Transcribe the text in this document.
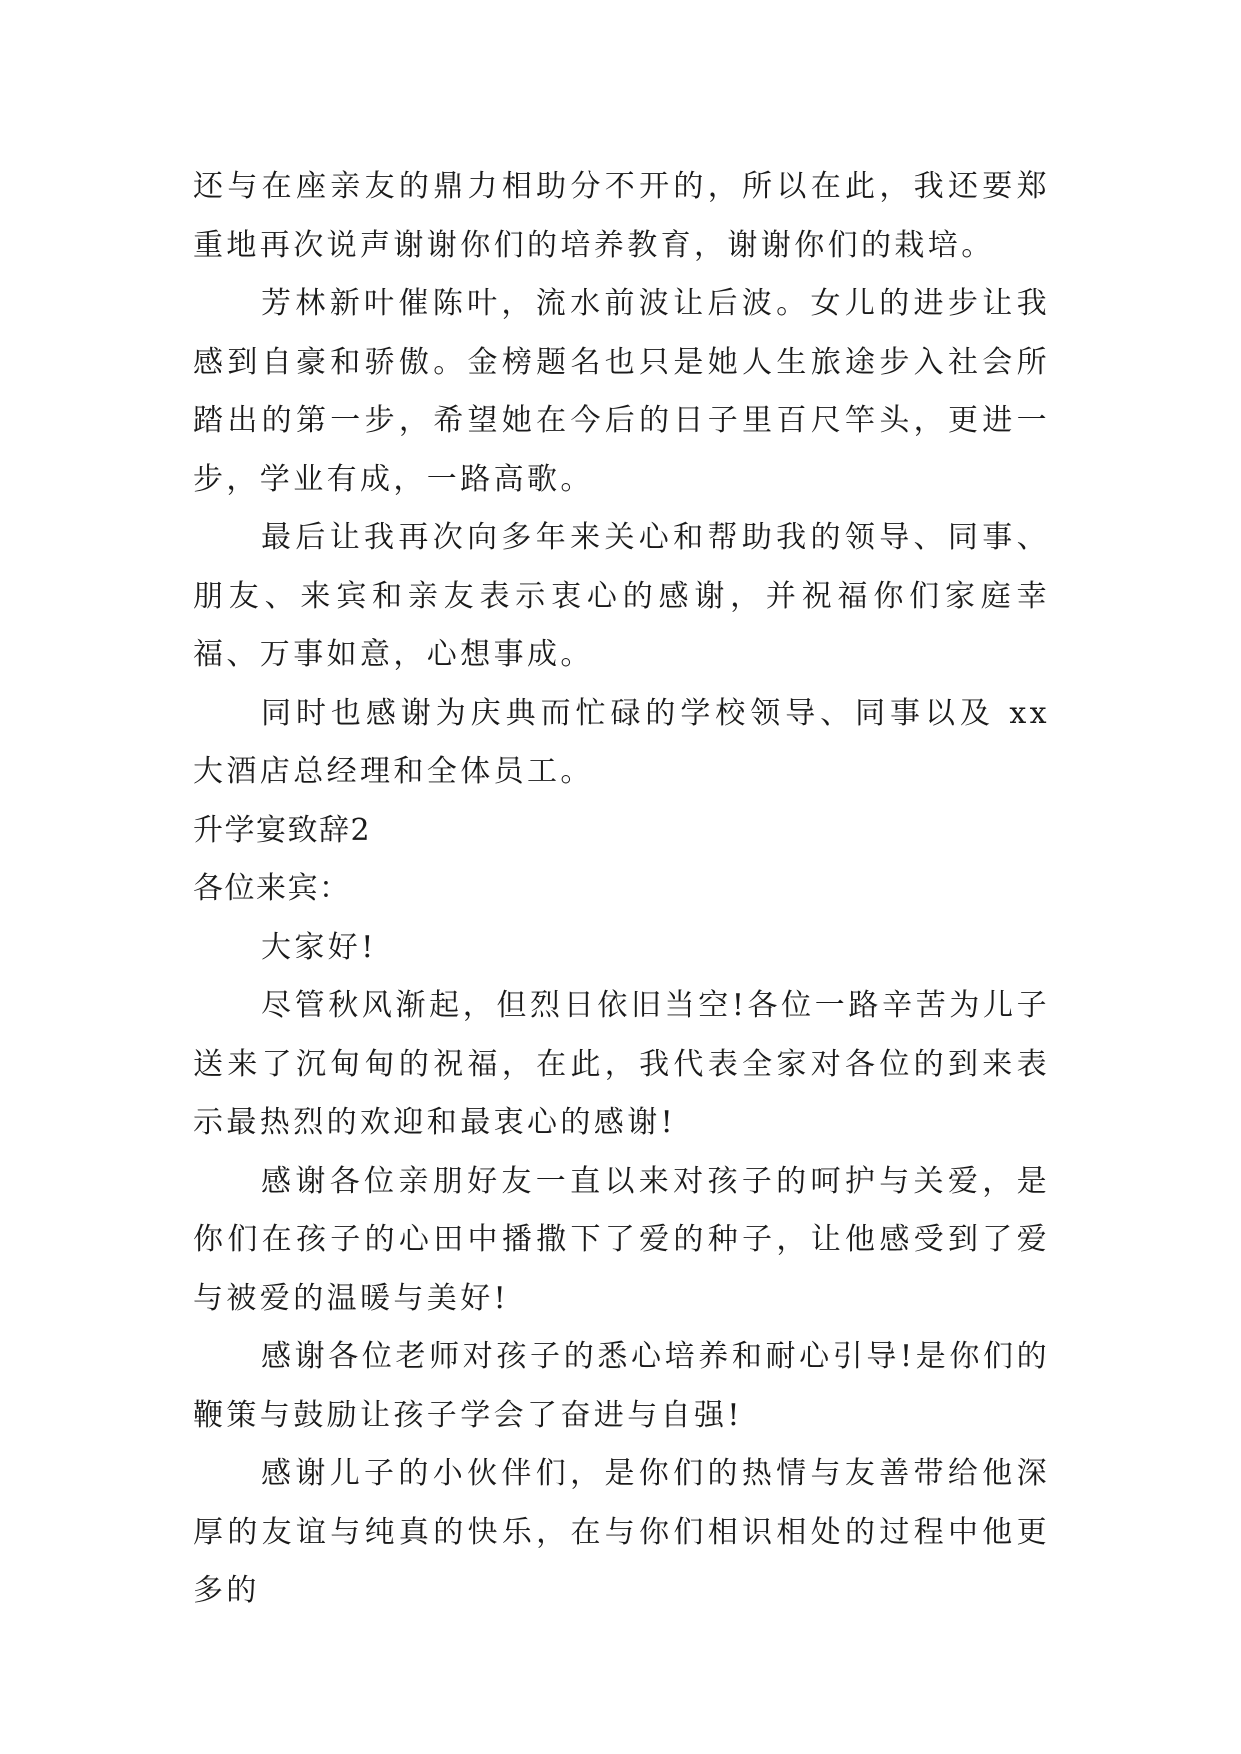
还与在座亲友的鼎力相助分不开的，所以在此，我还要郑重地再次说声谢谢你们的培养教育，谢谢你们的栽培。

芳林新叶催陈叶，流水前波让后波。女儿的进步让我感到自豪和骄傲。金榜题名也只是她人生旅途步入社会所踏出的第一步，希望她在今后的日子里百尺竿头，更进一步，学业有成，一路高歌。

最后让我再次向多年来关心和帮助我的领导、同事、朋友、来宾和亲友表示衷心的感谢，并祝福你们家庭幸福、万事如意，心想事成。

同时也感谢为庆典而忙碌的学校领导、同事以及 xx 大酒店总经理和全体员工。

升学宴致辞2

各位来宾：

大家好!

尽管秋风渐起，但烈日依旧当空!各位一路辛苦为儿子送来了沉甸甸的祝福，在此，我代表全家对各位的到来表示最热烈的欢迎和最衷心的感谢!

感谢各位亲朋好友一直以来对孩子的呵护与关爱，是你们在孩子的心田中播撒下了爱的种子，让他感受到了爱与被爱的温暖与美好!

感谢各位老师对孩子的悉心培养和耐心引导!是你们的鞭策与鼓励让孩子学会了奋进与自强!

感谢儿子的小伙伴们，是你们的热情与友善带给他深厚的友谊与纯真的快乐，在与你们相识相处的过程中他更多的
